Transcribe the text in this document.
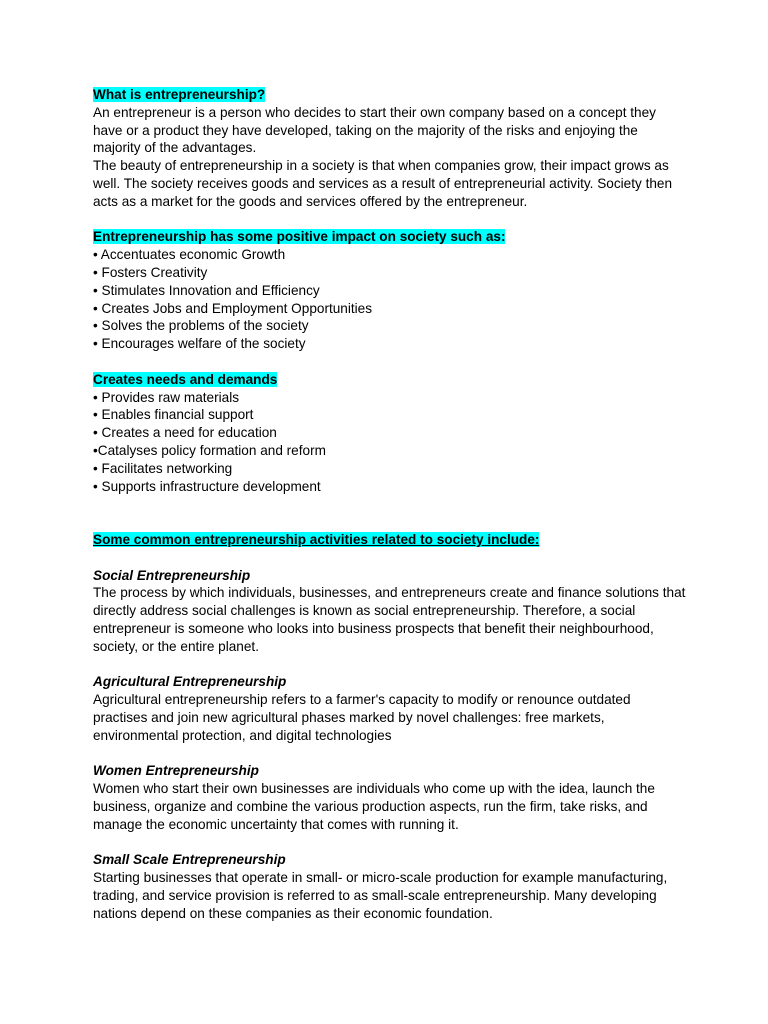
What is entrepreneurship?

An entrepreneur is a person who decides to start their own company based on a concept they have or a product they have developed, taking on the majority of the risks and enjoying the majority of the advantages.

The beauty of entrepreneurship in a society is that when companies grow, their impact grows as well. The society receives goods and services as a result of entrepreneurial activity. Society then acts as a market for the goods and services offered by the entrepreneur.

Entrepreneurship has some positive impact on society such as:

• Accentuates economic Growth
• Fosters Creativity
• Stimulates Innovation and Efficiency
• Creates Jobs and Employment Opportunities
• Solves the problems of the society
• Encourages welfare of the society

Creates needs and demands

• Provides raw materials
• Enables financial support
• Creates a need for education
•Catalyses policy formation and reform
• Facilitates networking
• Supports infrastructure development

Some common entrepreneurship activities related to society include:

Social Entrepreneurship

The process by which individuals, businesses, and entrepreneurs create and finance solutions that directly address social challenges is known as social entrepreneurship. Therefore, a social entrepreneur is someone who looks into business prospects that benefit their neighbourhood, society, or the entire planet.

Agricultural Entrepreneurship

Agricultural entrepreneurship refers to a farmer's capacity to modify or renounce outdated practises and join new agricultural phases marked by novel challenges: free markets, environmental protection, and digital technologies

Women Entrepreneurship

Women who start their own businesses are individuals who come up with the idea, launch the business, organize and combine the various production aspects, run the firm, take risks, and manage the economic uncertainty that comes with running it.

Small Scale Entrepreneurship

Starting businesses that operate in small- or micro-scale production for example manufacturing, trading, and service provision is referred to as small-scale entrepreneurship. Many developing nations depend on these companies as their economic foundation.
